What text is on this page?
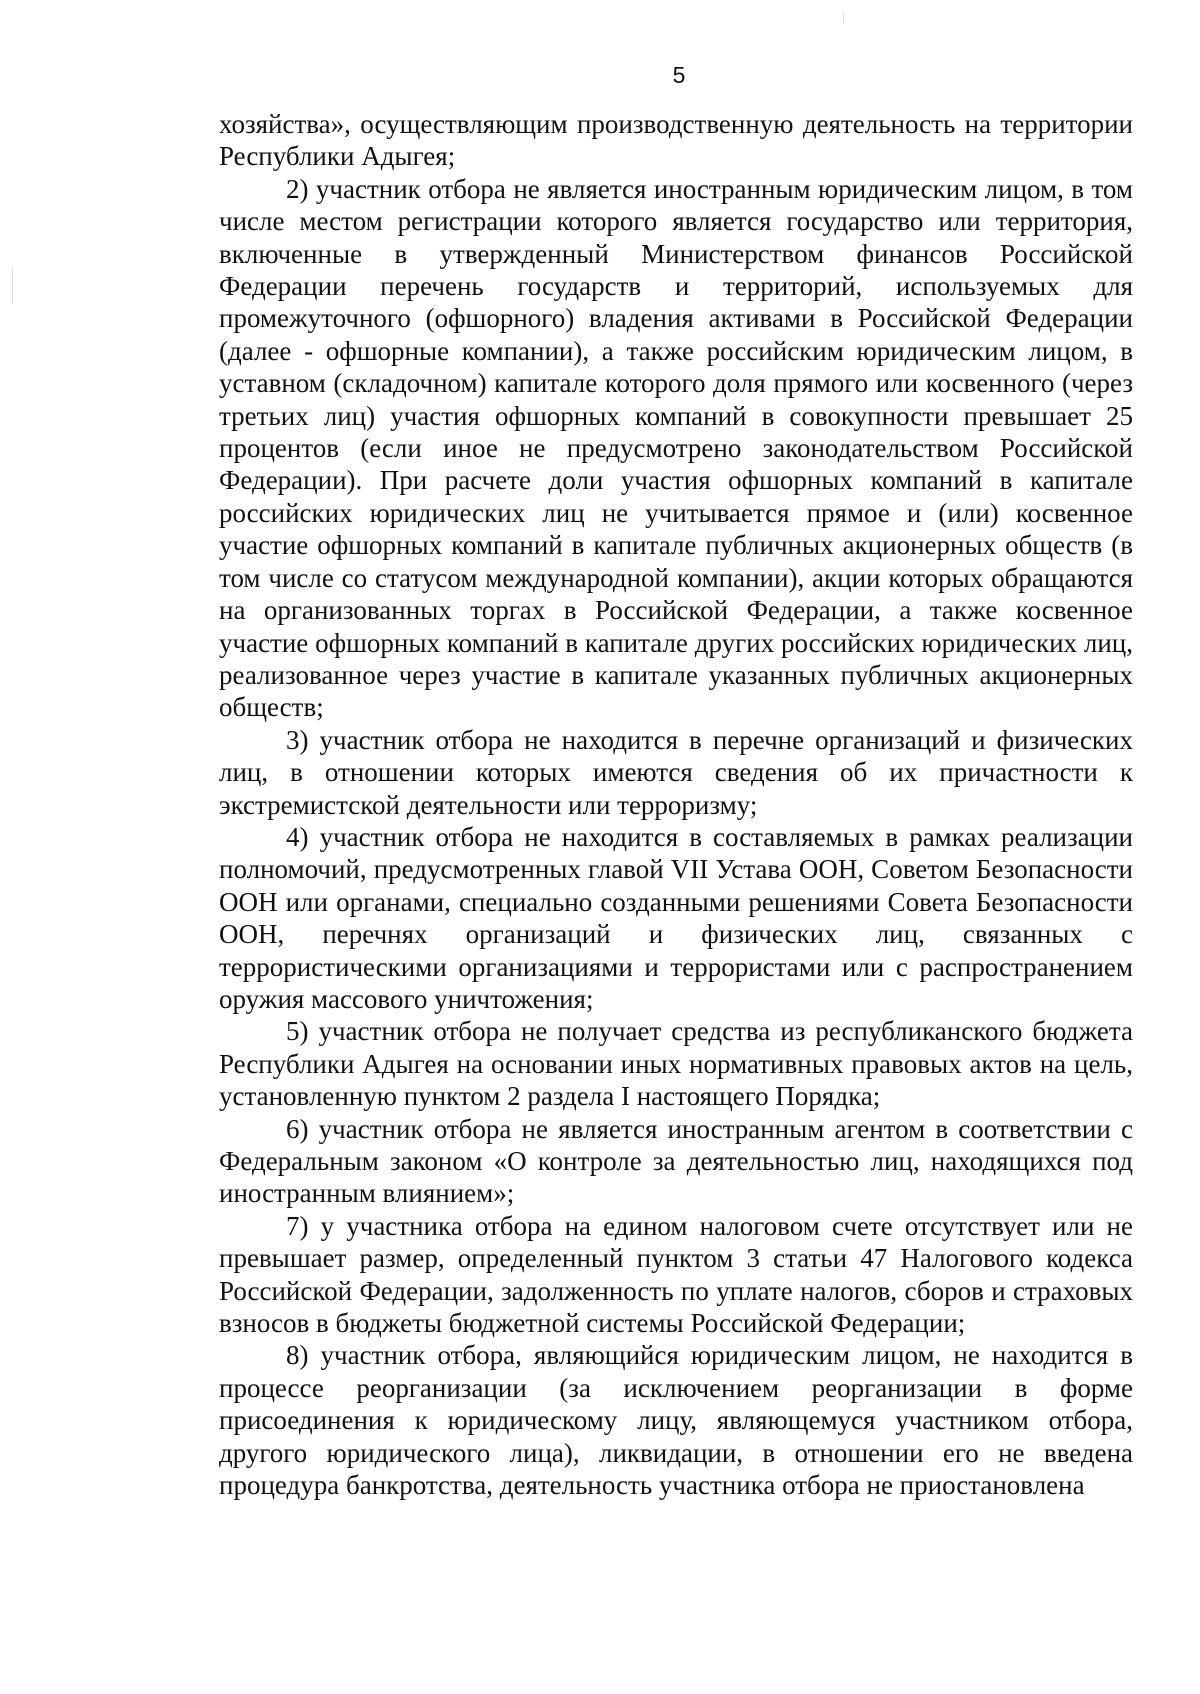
5

хозяйства», осуществляющим производственную деятельность на территории Республики Адыгея;

2) участник отбора не является иностранным юридическим лицом, в том числе местом регистрации которого является государство или территория, включенные в утвержденный Министерством финансов Российской Федерации перечень государств и территорий, используемых для промежуточного (офшорного) владения активами в Российской Федерации (далее - офшорные компании), а также российским юридическим лицом, в уставном (складочном) капитале которого доля прямого или косвенного (через третьих лиц) участия офшорных компаний в совокупности превышает 25 процентов (если иное не предусмотрено законодательством Российской Федерации). При расчете доли участия офшорных компаний в капитале российских юридических лиц не учитывается прямое и (или) косвенное участие офшорных компаний в капитале публичных акционерных обществ (в том числе со статусом международной компании), акции которых обращаются на организованных торгах в Российской Федерации, а также косвенное участие офшорных компаний в капитале других российских юридических лиц, реализованное через участие в капитале указанных публичных акционерных обществ;

3) участник отбора не находится в перечне организаций и физических лиц, в отношении которых имеются сведения об их причастности к экстремистской деятельности или терроризму;

4) участник отбора не находится в составляемых в рамках реализации полномочий, предусмотренных главой VII Устава ООН, Советом Безопасности ООН или органами, специально созданными решениями Совета Безопасности ООН, перечнях организаций и физических лиц, связанных с террористическими организациями и террористами или с распространением оружия массового уничтожения;

5) участник отбора не получает средства из республиканского бюджета Республики Адыгея на основании иных нормативных правовых актов на цель, установленную пунктом 2 раздела I настоящего Порядка;

6) участник отбора не является иностранным агентом в соответствии с Федеральным законом «О контроле за деятельностью лиц, находящихся под иностранным влиянием»;

7) у участника отбора на едином налоговом счете отсутствует или не превышает размер, определенный пунктом 3 статьи 47 Налогового кодекса Российской Федерации, задолженность по уплате налогов, сборов и страховых взносов в бюджеты бюджетной системы Российской Федерации;

8) участник отбора, являющийся юридическим лицом, не находится в процессе реорганизации (за исключением реорганизации в форме присоединения к юридическому лицу, являющемуся участником отбора, другого юридического лица), ликвидации, в отношении его не введена процедура банкротства, деятельность участника отбора не приостановлена
